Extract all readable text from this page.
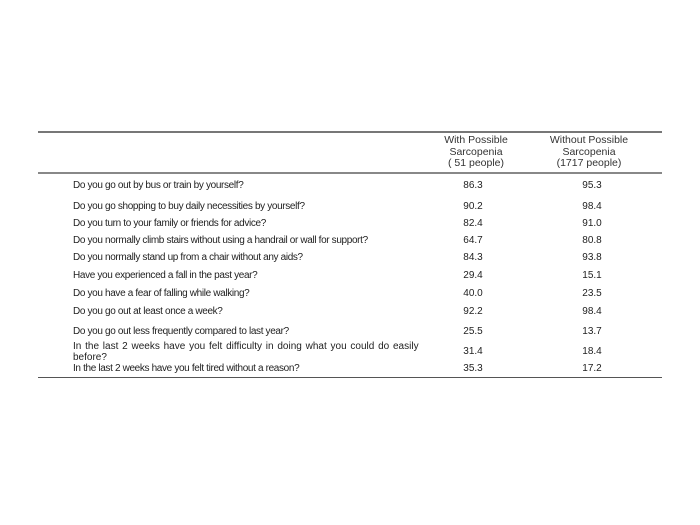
With Possible
Sarcopenia
( 51 people)
Without Possible
Sarcopenia
(1717 people)
Do you go out by bus or train by yourself?	86.3	95.3
Do you go shopping to buy daily necessities by yourself?	90.2	98.4
Do you turn to your family or friends for advice?	82.4	91.0
Do you normally climb stairs without using a handrail or wall for support?	64.7	80.8
Do you normally stand up from a chair without any aids?	84.3	93.8
Have you experienced a fall in the past year?	29.4	15.1
Do you have a fear of falling while walking?	40.0	23.5
Do you go out at least once a week?	92.2	98.4
Do you go out less frequently compared to last year?	25.5	13.7
In the last 2 weeks have you felt difficulty in doing what you could do easily before?
31.4	18.4
In the last 2 weeks have you felt tired without a reason?	35.3	17.2
